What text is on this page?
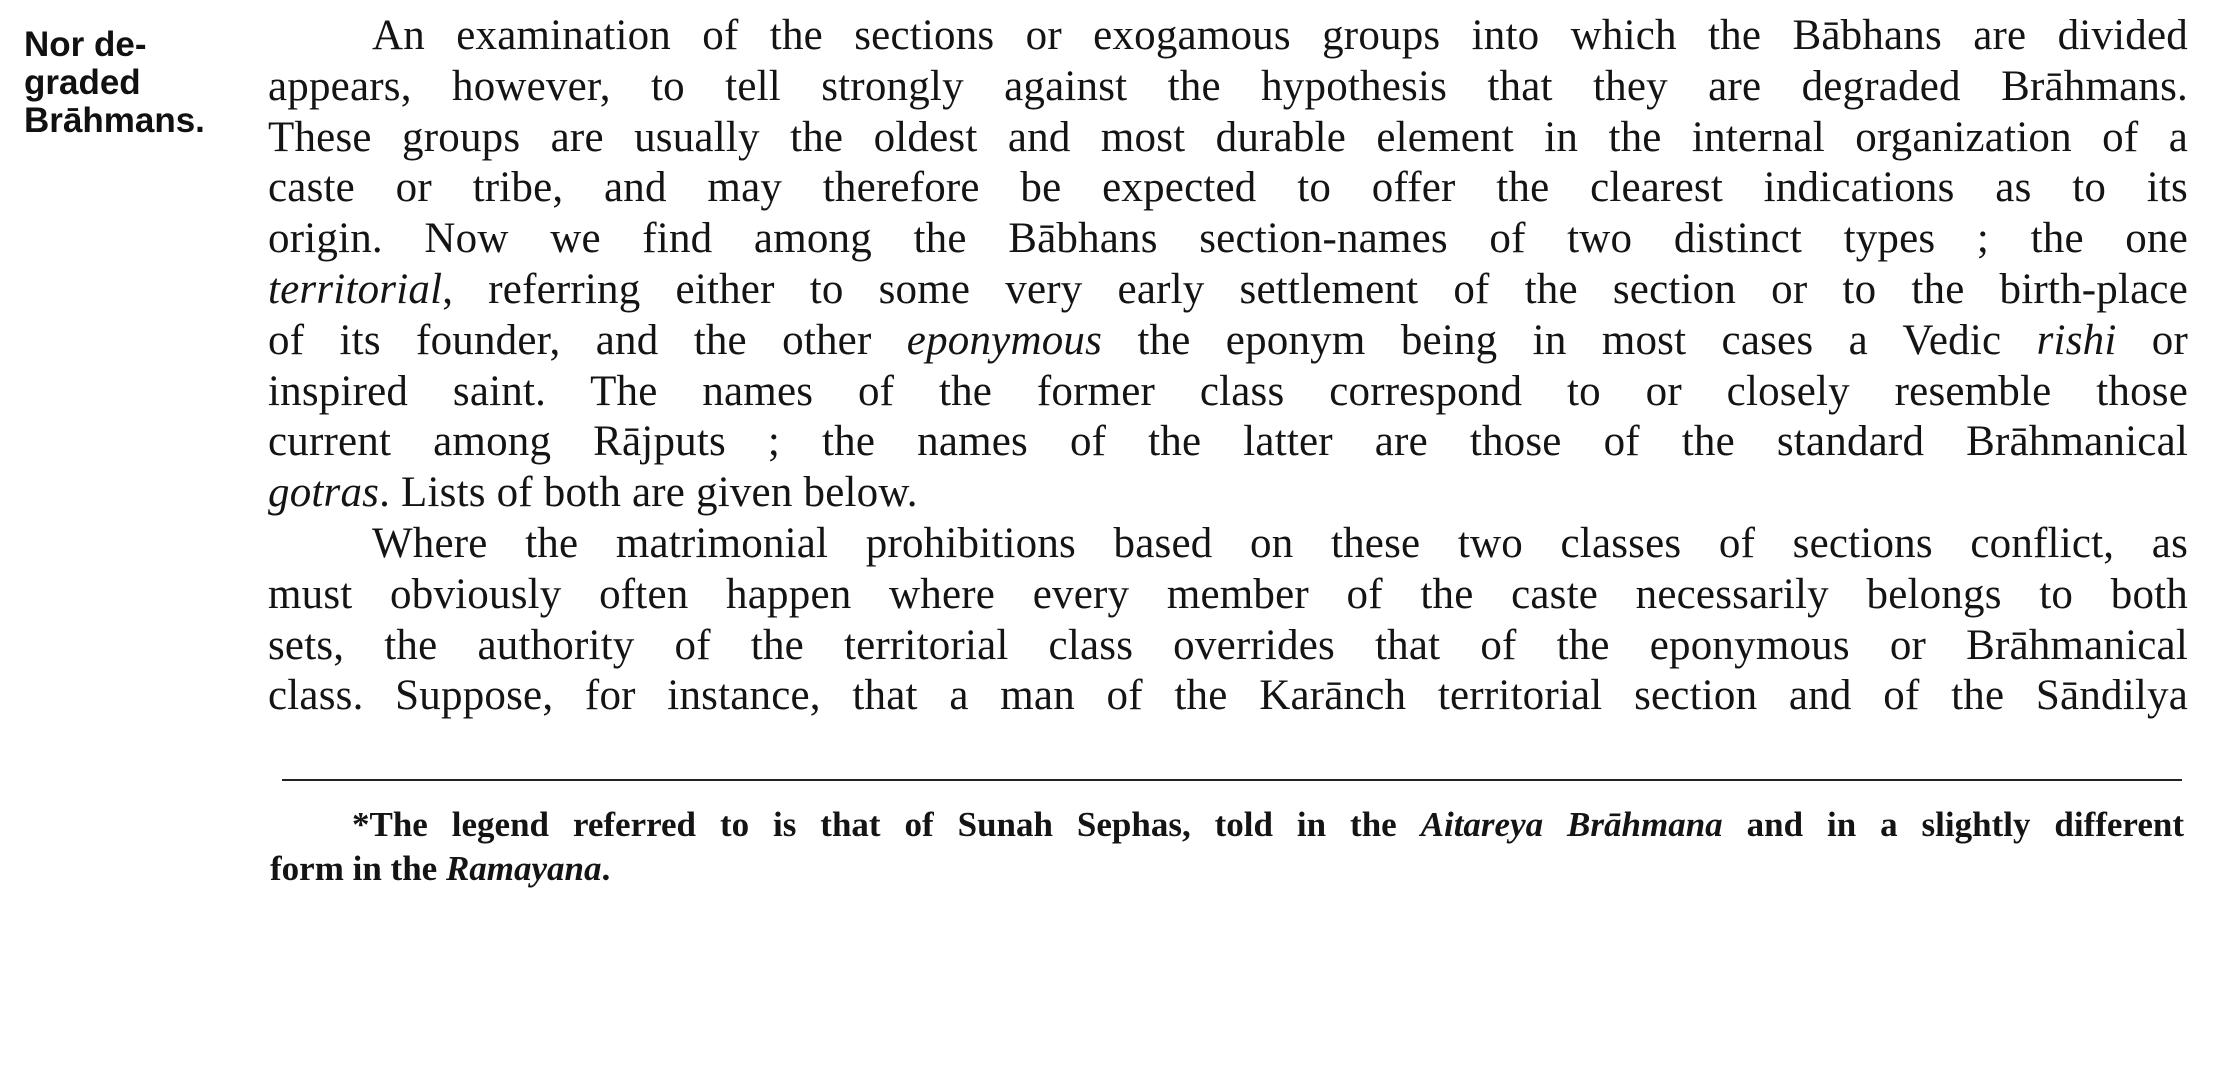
Nor de-
graded
Brāhmans.
An examination of the sections or exogamous groups into which the Bābhans are divided
appears, however, to tell strongly against the hypothesis that they are degraded Brāhmans.
These groups are usually the oldest and most durable element in the internal organization of a
caste or tribe, and may therefore be expected to offer the clearest indications as to its
origin. Now we find among the Bābhans section-names of two distinct types ; the one
territorial, referring either to some very early settlement of the section or to the birth-place
of its founder, and the other eponymous the eponym being in most cases a Vedic rishi or
inspired saint. The names of the former class correspond to or closely resemble those
current among Rājputs ; the names of the latter are those of the standard Brāhmanical
gotras. Lists of both are given below.
Where the matrimonial prohibitions based on these two classes of sections conflict, as
must obviously often happen where every member of the caste necessarily belongs to both
sets, the authority of the territorial class overrides that of the eponymous or Brāhmanical
class. Suppose, for instance, that a man of the Karānch territorial section and of the Sāndilya
*The legend referred to is that of Sunah Sephas, told in the Aitareya Brāhmana and in a slightly different
form in the Ramayana.
